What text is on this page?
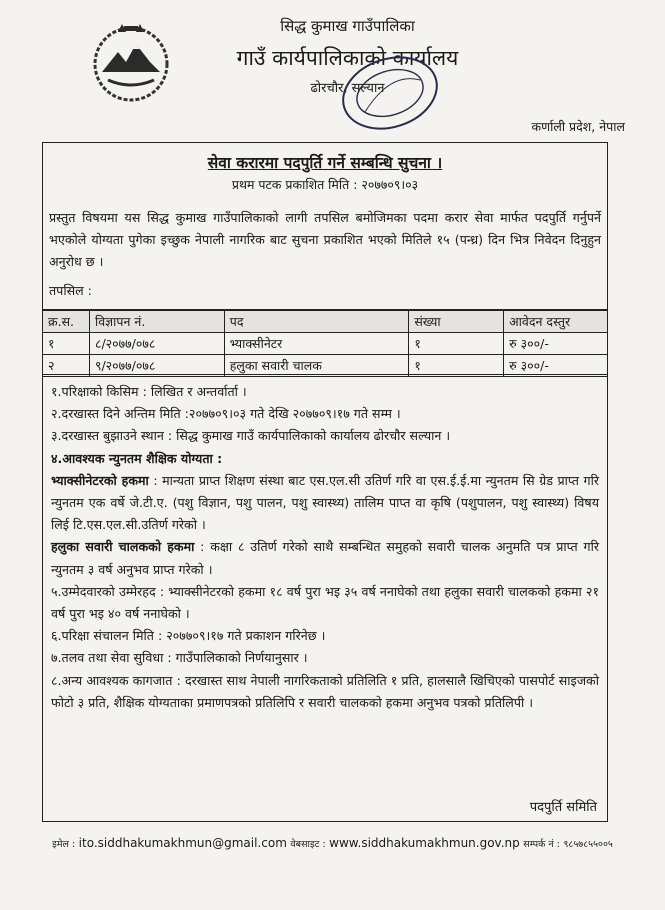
सिद्ध कुमाख गाउँपालिका
गाउँ कार्यपालिकाको कार्यालय
ढोरचौर, सल्यान
कर्णाली प्रदेश, नेपाल
सेवा करारमा पदपुर्ति गर्ने सम्बन्धि सुचना ।
प्रथम पटक प्रकाशित मिति : २०७७०९।०३
प्रस्तुत विषयमा यस सिद्ध कुमाख गाउँपालिकाको लागी तपसिल बमोजिमका पदमा करार सेवा मार्फत पदपुर्ति गर्नुपर्ने भएकोले योग्यता पुगेका इच्छुक नेपाली नागरिक बाट सुचना प्रकाशित भएको मितिले १५ (पन्ध्र) दिन भित्र निवेदन दिनुहुन अनुरोध छ ।
तपसिल :
क्र.स.	विज्ञापन नं.	पद	संख्या	आवेदन दस्तुर
१	८/२०७७/०७८	भ्याक्सीनेटर	१	रु ३००/-
२	९/२०७७/०७८	हलुका सवारी चालक	१	रु ३००/-

१.परिक्षाको किसिम : लिखित र अन्तर्वार्ता ।

२.दरखास्त दिने अन्तिम मिति :२०७७०९।०३ गते देखि २०७७०९।१७ गते सम्म ।

३.दरखास्त बुझाउने स्थान : सिद्ध कुमाख गाउँ कार्यपालिकाको कार्यालय ढोरचौर सल्यान ।

४.आवश्यक न्युनतम शैक्षिक योग्यता :

भ्याक्सीनेटरको हकमा : मान्यता प्राप्त शिक्षण संस्था बाट एस.एल.सी उतिर्ण गरि वा एस.ई.ई.मा न्युनतम सि ग्रेड प्राप्त गरि न्युनतम एक वर्षे जे.टी.ए. (पशु विज्ञान, पशु पालन, पशु स्वास्थ्य) तालिम पाप्त वा कृषि (पशुपालन, पशु स्वास्थ्य) विषय लिई टि.एस.एल.सी.उतिर्ण गरेको ।

हलुका सवारी चालकको हकमा : कक्षा ८ उतिर्ण गरेको साथै सम्बन्धित समुहको सवारी चालक अनुमति पत्र प्राप्त गरि न्युनतम ३ वर्ष अनुभव प्राप्त गरेको ।

५.उम्मेदवारको उम्मेरहद : भ्याक्सीनेटरको हकमा १८ वर्ष पुरा भइ ३५ वर्ष ननाघेको तथा हलुका सवारी चालकको हकमा २१ वर्ष पुरा भइ ४० वर्ष ननाघेको ।

६.परिक्षा संचालन मिति : २०७७०९।१७ गते प्रकाशन गरिनेछ ।

७.तलव तथा सेवा सुविधा : गाउँपालिकाको निर्णयानुसार ।

८.अन्य आवश्यक कागजात : दरखास्त साथ नेपाली नागरिकताको प्रतिलिति १ प्रति, हालसालै खिचिएको पासपोर्ट साइजको फोटो ३ प्रति, शैक्षिक योग्यताका प्रमाणपत्रको प्रतिलिपि र सवारी चालकको हकमा अनुभव पत्रको प्रतिलिपी ।

पदपुर्ति समिति
इमेल : ito.siddhakumakhmun@gmail.com वेबसाइट : www.siddhakumakhmun.gov.np सम्पर्क नं : ९८५७८५५००५
